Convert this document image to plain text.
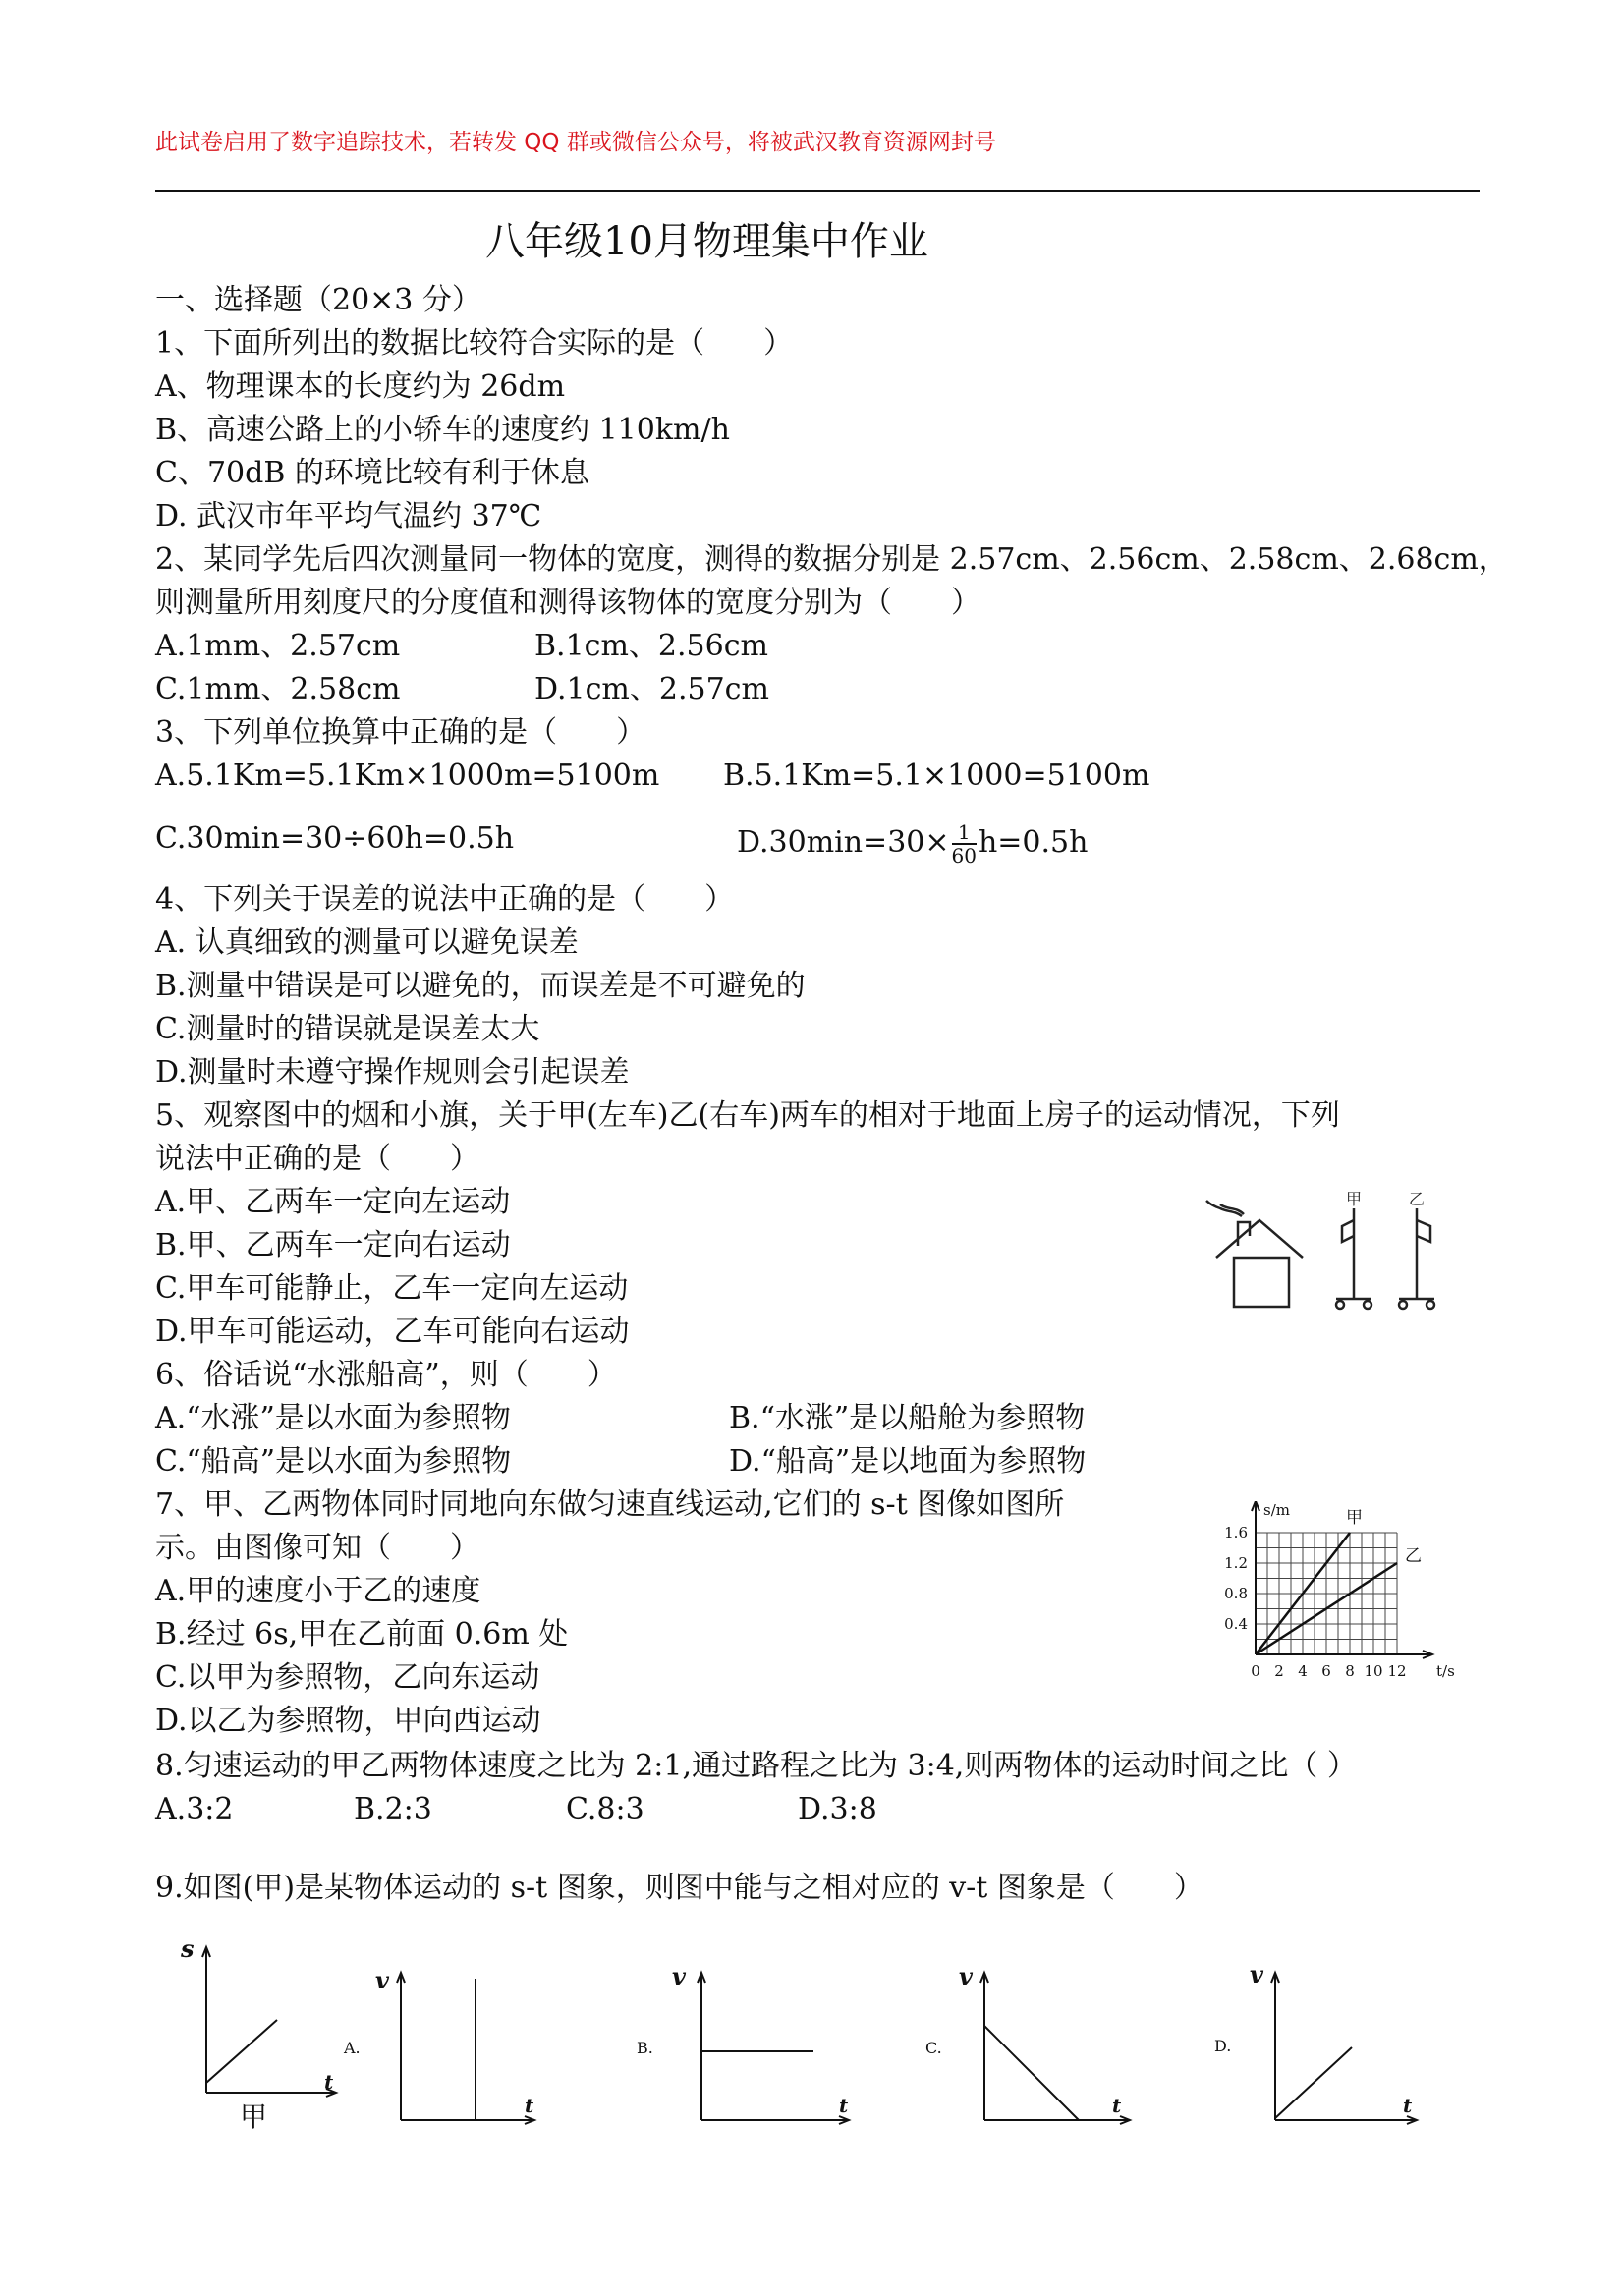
此试卷启用了数字追踪技术，若转发 QQ 群或微信公众号，将被武汉教育资源网封号
八年级10月物理集中作业
一、选择题（20×3 分）
1、下面所列出的数据比较符合实际的是（　　）
A、物理课本的长度约为 26dm
B、高速公路上的小轿车的速度约 110km/h
C、70dB 的环境比较有利于休息
D. 武汉市年平均气温约 37℃
2、某同学先后四次测量同一物体的宽度，测得的数据分别是 2.57cm、2.56cm、2.58cm、2.68cm，
则测量所用刻度尺的分度值和测得该物体的宽度分别为（　　）
A.1mm、2.57cm	B.1cm、2.56cm
C.1mm、2.58cm	D.1cm、2.57cm
3、下列单位换算中正确的是（　　）
A.5.1Km=5.1Km×1000m=5100m B.5.1Km=5.1×1000=5100m
C.30min=30÷60h=0.5h	$D.30\min=30\times \frac{1}{60} h=0.5h$
4、下列关于误差的说法中正确的是（　　）
A. 认真细致的测量可以避免误差
B.测量中错误是可以避免的，而误差是不可避免的
C.测量时的错误就是误差太大
D.测量时未遵守操作规则会引起误差
5、观察图中的烟和小旗，关于甲(左车)乙(右车)两车的相对于地面上房子的运动情况，下列
说法中正确的是（　　）
A.甲、乙两车一定向左运动
B.甲、乙两车一定向右运动
C.甲车可能静止，乙车一定向左运动
D.甲车可能运动，乙车可能向右运动
甲	乙
6、俗话说“水涨船高”，则（　　）
A.“水涨”是以水面为参照物	B.“水涨”是以船舱为参照物
C.“船高”是以水面为参照物	D.“船高”是以地面为参照物
7、甲、乙两物体同时同地向东做匀速直线运动,它们的 s-t 图像如图所
示。由图像可知（　　）
A.甲的速度小于乙的速度
B.经过 6s,甲在乙前面 0.6m 处
C.以甲为参照物，乙向东运动
D.以乙为参照物，甲向西运动
0 2 4 6 8 10 12
0.4
0.8
1.2
1.6
t/s
s/m	甲
乙
8.匀速运动的甲乙两物体速度之比为 2:1,通过路程之比为 3:4,则两物体的运动时间之比（ ）
A.3:2	B.2:3	C.8:3	D.3:8
9.如图(甲)是某物体运动的 s-t 图象，则图中能与之相对应的 v-t 图象是（　　）
s
t
v
t
v
t
v
t
v
t
A.	B.	C.	D.
甲
